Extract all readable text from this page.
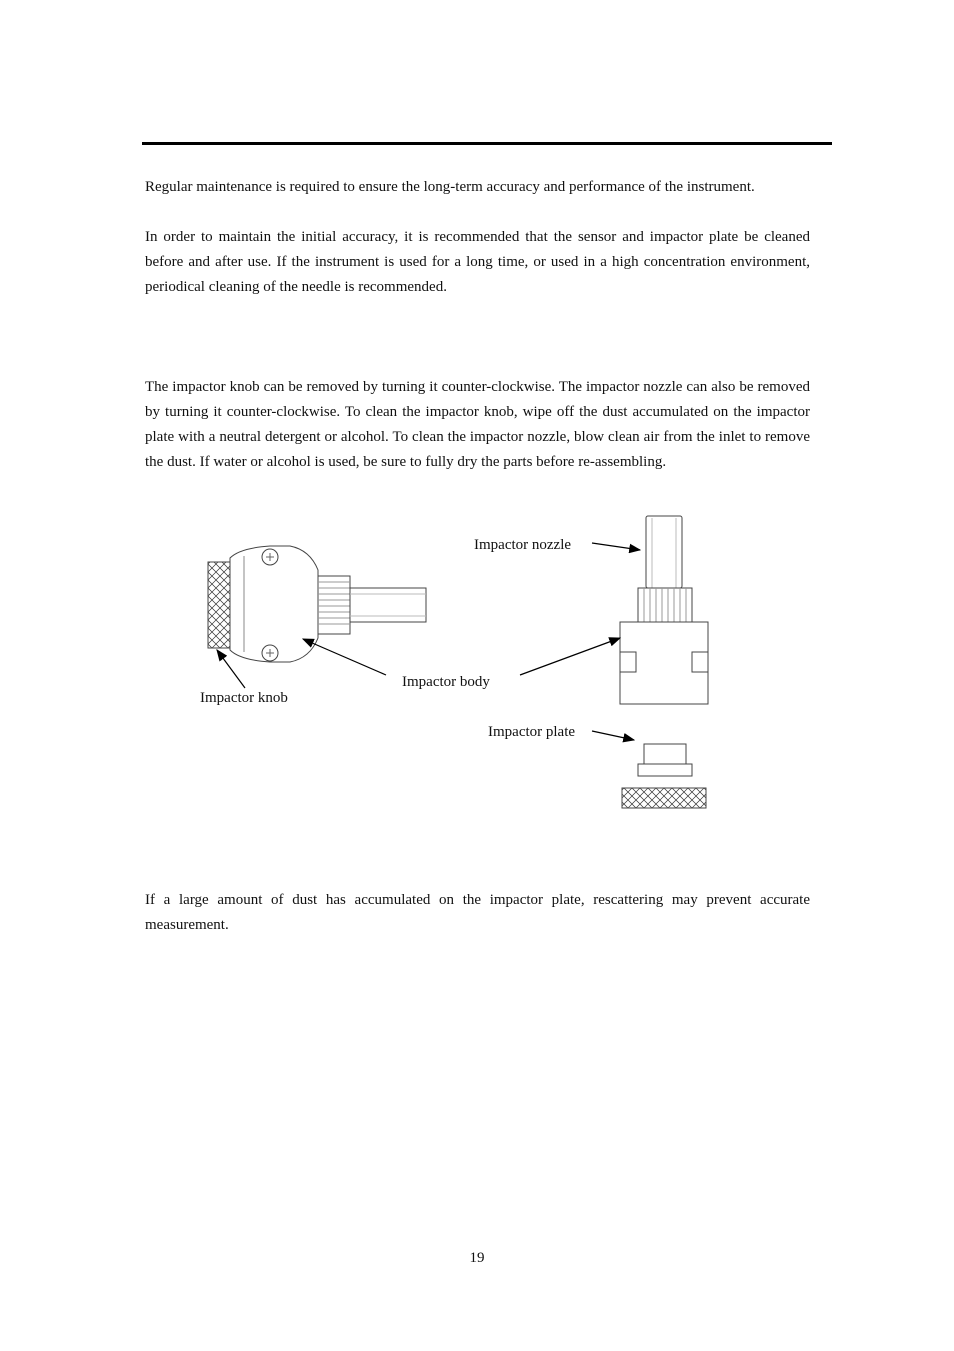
Regular maintenance is required to ensure the long-term accuracy and performance of the instrument.

In order to maintain the initial accuracy, it is recommended that the sensor and impactor plate be cleaned before and after use. If the instrument is used for a long time, or used in a high concentration environment, periodical cleaning of the needle is recommended.

The impactor knob can be removed by turning it counter-clockwise. The impactor nozzle can also be removed by turning it counter-clockwise. To clean the impactor knob, wipe off the dust accumulated on the impactor plate with a neutral detergent or alcohol. To clean the impactor nozzle, blow clean air from the inlet to remove the dust. If water or alcohol is used, be sure to fully dry the parts before re-assembling.

Impactor nozzle
Impactor body
Impactor knob
Impactor plate

If a large amount of dust has accumulated on the impactor plate, rescattering may prevent accurate measurement.

19
